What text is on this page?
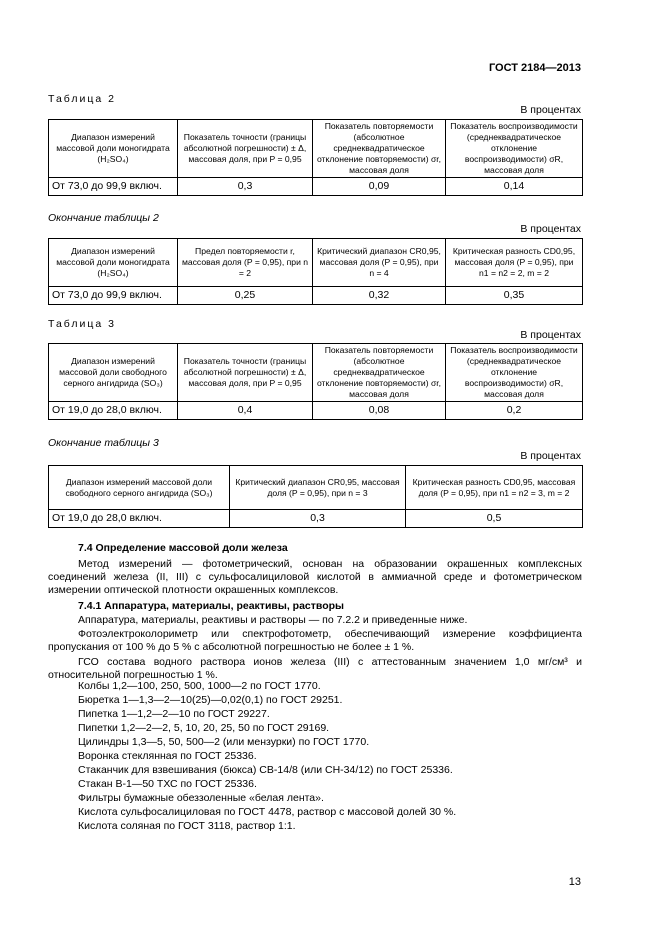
ГОСТ 2184—2013
Таблица 2
В процентах
Диапазон измерений массовой доли моногидрата (H₂SO₄)	Показатель точности (границы абсолютной погрешности) ± Δ, массовая доля, при P = 0,95	Показатель повторяемости (абсолютное среднеквадратическое отклонение повторяемости) σr, массовая доля	Показатель воспроизводимости (среднеквадратическое отклонение воспроизводимости) σR, массовая доля
От 73,0 до 99,9 включ.	0,3	0,09	0,14
Окончание таблицы 2
В процентах
Диапазон измерений массовой доли моногидрата (H₂SO₄)	Предел повторяемости r, массовая доля (P = 0,95), при n = 2	Критический диапазон CR0,95, массовая доля (P = 0,95), при n = 4	Критическая разность CD0,95, массовая доля (P = 0,95), при n1 = n2 = 2, m = 2
От 73,0 до 99,9 включ.	0,25	0,32	0,35
Таблица 3
В процентах
Диапазон измерений массовой доли свободного серного ангидрида (SO₃)	Показатель точности (границы абсолютной погрешности) ± Δ, массовая доля, при P = 0,95	Показатель повторяемости (абсолютное среднеквадратическое отклонение повторяемости) σr, массовая доля	Показатель воспроизводимости (среднеквадратическое отклонение воспроизводимости) σR, массовая доля
От 19,0 до 28,0 включ.	0,4	0,08	0,2
Окончание таблицы 3
В процентах
Диапазон измерений массовой доли свободного серного ангидрида (SO₃)	Критический диапазон CR0,95, массовая доля (P = 0,95), при n = 3	Критическая разность CD0,95, массовая доля (P = 0,95), при n1 = n2 = 3, m = 2
От 19,0 до 28,0 включ.	0,3	0,5
7.4 Определение массовой доли железа
Метод измерений — фотометрический, основан на образовании окрашенных комплексных соединений железа (II, III) с сульфосалициловой кислотой в аммиачной среде и фотометрическом измерении оптической плотности окрашенных комплексов.
7.4.1 Аппаратура, материалы, реактивы, растворы
Аппаратура, материалы, реактивы и растворы — по 7.2.2 и приведенные ниже.
Фотоэлектроколориметр или спектрофотометр, обеспечивающий измерение коэффициента пропускания от 100 % до 5 % с абсолютной погрешностью не более ± 1 %.
ГСО состава водного раствора ионов железа (III) с аттестованным значением 1,0 мг/см³ и относительной погрешностью 1 %.
Колбы 1,2—100, 250, 500, 1000—2 по ГОСТ 1770.
Бюретка 1—1,3—2—10(25)—0,02(0,1) по ГОСТ 29251.
Пипетка 1—1,2—2—10 по ГОСТ 29227.
Пипетки 1,2—2—2, 5, 10, 20, 25, 50 по ГОСТ 29169.
Цилиндры 1,3—5, 50, 500—2 (или мензурки) по ГОСТ 1770.
Воронка стеклянная по ГОСТ 25336.
Стаканчик для взвешивания (бюкса) СВ-14/8 (или СН-34/12) по ГОСТ 25336.
Стакан В-1—50 ТХС по ГОСТ 25336.
Фильтры бумажные обеззоленные «белая лента».
Кислота сульфосалициловая по ГОСТ 4478, раствор с массовой долей 30 %.
Кислота соляная по ГОСТ 3118, раствор 1:1.
13
